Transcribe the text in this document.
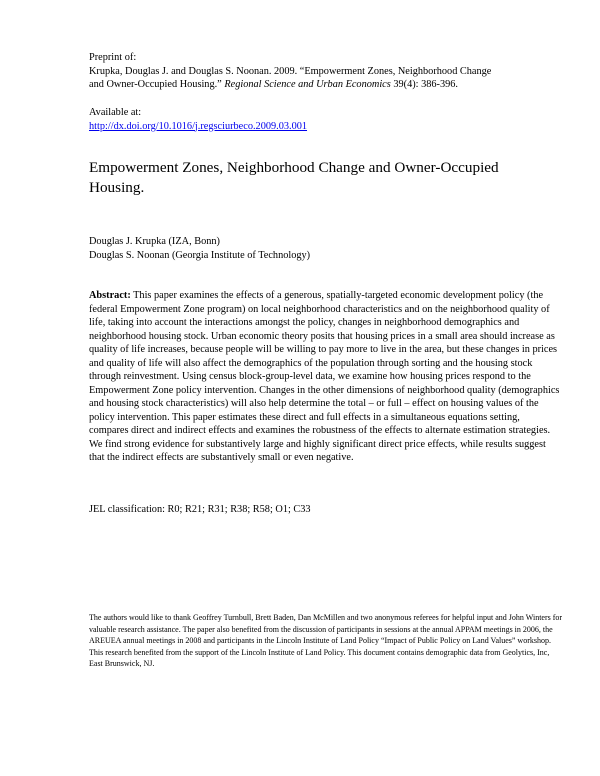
Preprint of:
Krupka, Douglas J. and Douglas S. Noonan. 2009. “Empowerment Zones, Neighborhood Change
and Owner-Occupied Housing.” Regional Science and Urban Economics 39(4): 386-396.
Available at:
http://dx.doi.org/10.1016/j.regsciurbeco.2009.03.001
Empowerment Zones, Neighborhood Change and Owner-Occupied Housing.
Douglas J. Krupka (IZA, Bonn)
Douglas S. Noonan (Georgia Institute of Technology)
Abstract: This paper examines the effects of a generous, spatially-targeted economic development policy (the federal Empowerment Zone program) on local neighborhood characteristics and on the neighborhood quality of life, taking into account the interactions amongst the policy, changes in neighborhood demographics and neighborhood housing stock. Urban economic theory posits that housing prices in a small area should increase as quality of life increases, because people will be willing to pay more to live in the area, but these changes in prices and quality of life will also affect the demographics of the population through sorting and the housing stock through reinvestment. Using census block-group-level data, we examine how housing prices respond to the Empowerment Zone policy intervention. Changes in the other dimensions of neighborhood quality (demographics and housing stock characteristics) will also help determine the total – or full – effect on housing values of the policy intervention. This paper estimates these direct and full effects in a simultaneous equations setting, compares direct and indirect effects and examines the robustness of the effects to alternate estimation strategies. We find strong evidence for substantively large and highly significant direct price effects, while results suggest that the indirect effects are substantively small or even negative.
JEL classification: R0; R21; R31; R38; R58; O1; C33
The authors would like to thank Geoffrey Turnbull, Brett Baden, Dan McMillen and two anonymous referees for helpful input and John Winters for valuable research assistance. The paper also benefited from the discussion of participants in sessions at the annual APPAM meetings in 2006, the AREUEA annual meetings in 2008 and participants in the Lincoln Institute of Land Policy “Impact of Public Policy on Land Values” workshop. This research benefited from the support of the Lincoln Institute of Land Policy. This document contains demographic data from Geolytics, Inc, East Brunswick, NJ.
